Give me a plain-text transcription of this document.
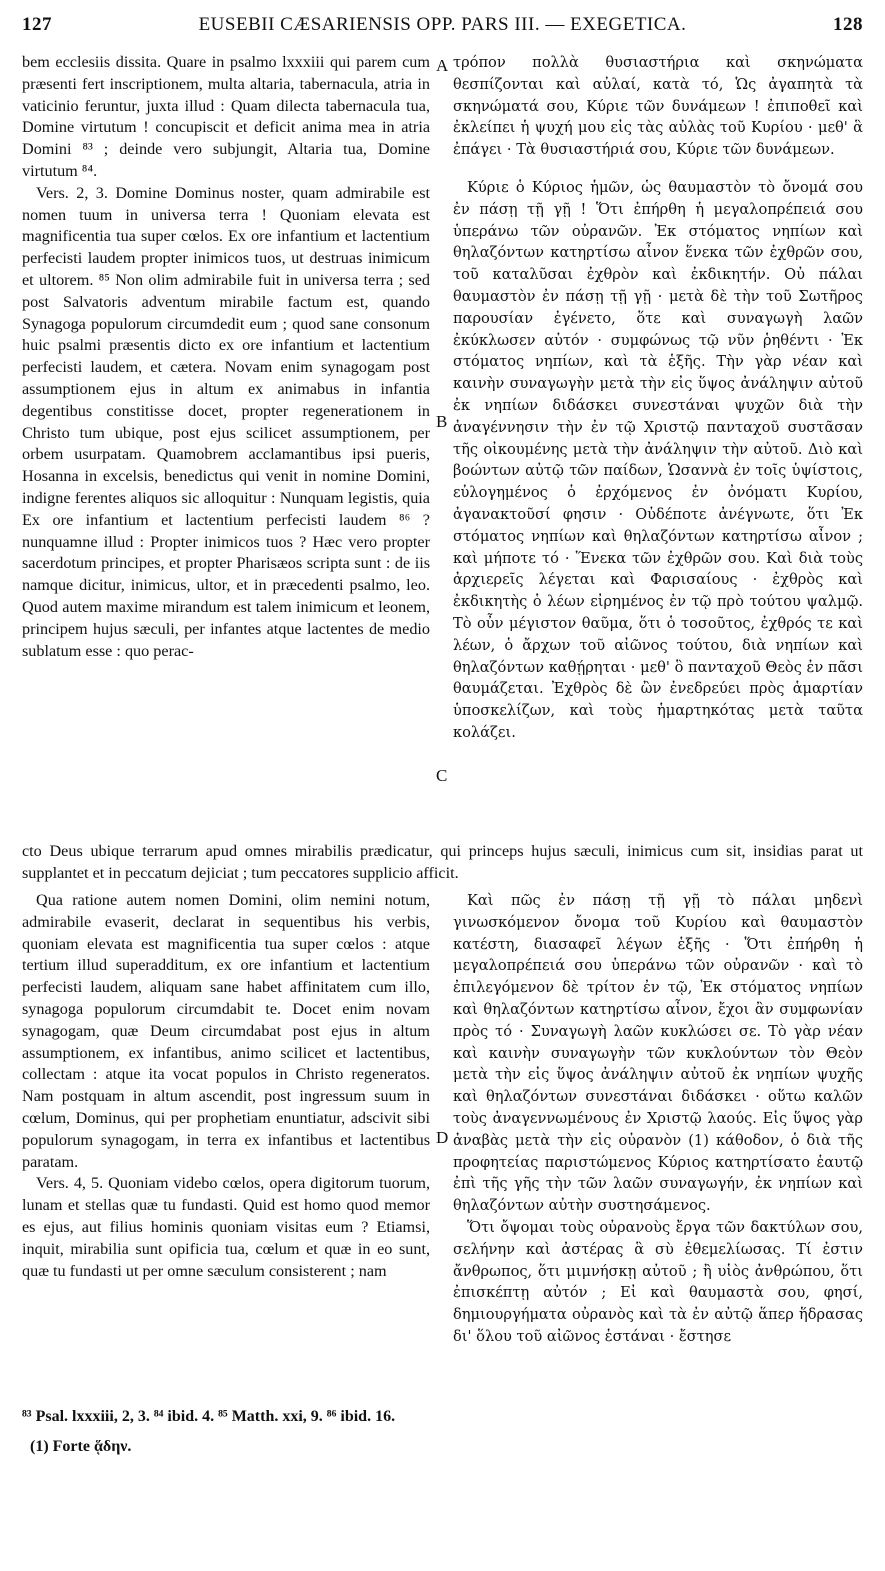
127	EUSEBII CÆSARIENSIS OPP. PARS III. — EXEGETICA.	128

bem ecclesiis dissita. Quare in psalmo lxxxiii qui parem cum præsenti fert inscriptionem, multa altaria, tabernacula, atria in vaticinio feruntur, juxta illud : Quam dilecta tabernacula tua, Domine virtutum ! concupiscit et deficit anima mea in atria Domini ⁸³ ; deinde vero subjungit, Altaria tua, Domine virtutum ⁸⁴.

Vers. 2, 3. Domine Dominus noster, quam admirabile est nomen tuum in universa terra ! Quoniam elevata est magnificentia tua super cœlos. Ex ore infantium et lactentium perfecisti laudem propter inimicos tuos, ut destruas inimicum et ultorem. ⁸⁵ Non olim admirabile fuit in universa terra ; sed post Salvatoris adventum mirabile factum est, quando Synagoga populorum circumdedit eum ; quod sane consonum huic psalmi præsentis dicto ex ore infantium et lactentium perfecisti laudem, et cætera. Novam enim synagogam post assumptionem ejus in altum ex animabus in infantia degentibus constitisse docet, propter regenerationem in Christo tum ubique, post ejus scilicet assumptionem, per orbem usurpatam. Quamobrem acclamantibus ipsi pueris, Hosanna in excelsis, benedictus qui venit in nomine Domini, indigne ferentes aliquos sic alloquitur : Nunquam legistis, quia Ex ore infantium et lactentium perfecisti laudem ⁸⁶ ? nunquamne illud : Propter inimicos tuos ? Hæc vero propter sacerdotum principes, et propter Pharisæos scripta sunt : de iis namque dicitur, inimicus, ultor, et in præcedenti psalmo, leo. Quod autem maxime mirandum est talem inimicum et leonem, principem hujus sæculi, per infantes atque lactentes de medio sublatum esse : quo perac-

cto Deus ubique terrarum apud omnes mirabilis prædicatur, qui princeps hujus sæculi, inimicus cum sit, insidias parat ut supplantet et in peccatum dejiciat ; tum peccatores supplicio afficit.

Qua ratione autem nomen Domini, olim nemini notum, admirabile evaserit, declarat in sequentibus his verbis, quoniam elevata est magnificentia tua super cœlos : atque tertium illud superadditum, ex ore infantium et lactentium perfecisti laudem, aliquam sane habet affinitatem cum illo, synagoga populorum circumdabit te. Docet enim novam synagogam, quæ Deum circumdabat post ejus in altum assumptionem, ex infantibus, animo scilicet et lactentibus, collectam : atque ita vocat populos in Christo regeneratos. Nam postquam in altum ascendit, post ingressum suum in cœlum, Dominus, qui per prophetiam enuntiatur, adscivit sibi populorum synagogam, in terra ex infantibus et lactentibus paratam.

Vers. 4, 5. Quoniam videbo cœlos, opera digitorum tuorum, lunam et stellas quæ tu fundasti. Quid est homo quod memor es ejus, aut filius hominis quoniam visitas eum ? Etiamsi, inquit, mirabilia sunt opificia tua, cœlum et quæ in eo sunt, quæ tu fundasti ut per omne sæculum consisterent ; nam

τρόπον πολλὰ θυσιαστήρια καὶ σκηνώματα θεσπίζονται καὶ αὐλαί, κατὰ τό, Ὡς ἀγαπητὰ τὰ σκηνώματά σου, Κύριε τῶν δυνάμεων ! ἐπιποθεῖ καὶ ἐκλείπει ἡ ψυχή μου εἰς τὰς αὐλὰς τοῦ Κυρίου · μεθ' ἃ ἐπάγει · Τὰ θυσιαστήριά σου, Κύριε τῶν δυνάμεων.

Κύριε ὁ Κύριος ἡμῶν, ὡς θαυμαστὸν τὸ ὄνομά σου ἐν πάσῃ τῇ γῇ ! Ὅτι ἐπήρθη ἡ μεγαλοπρέπειά σου ὑπεράνω τῶν οὐρανῶν. Ἐκ στόματος νηπίων καὶ θηλαζόντων κατηρτίσω αἶνον ἕνεκα τῶν ἐχθρῶν σου, τοῦ καταλῦσαι ἐχθρὸν καὶ ἐκδικητήν. Οὐ πάλαι θαυμαστὸν ἐν πάσῃ τῇ γῇ · μετὰ δὲ τὴν τοῦ Σωτῆρος παρουσίαν ἐγένετο, ὅτε καὶ συναγωγὴ λαῶν ἐκύκλωσεν αὐτόν · συμφώνως τῷ νῦν ῥηθέντι · Ἐκ στόματος νηπίων, καὶ τὰ ἑξῆς. Τὴν γὰρ νέαν καὶ καινὴν συναγωγὴν μετὰ τὴν εἰς ὕψος ἀνάληψιν αὐτοῦ ἐκ νηπίων διδάσκει συνεστάναι ψυχῶν διὰ τὴν ἀναγέννησιν τὴν ἐν τῷ Χριστῷ πανταχοῦ συστᾶσαν τῆς οἰκουμένης μετὰ τὴν ἀνάληψιν τὴν αὐτοῦ. Διὸ καὶ βοώντων αὐτῷ τῶν παίδων, Ὡσαννὰ ἐν τοῖς ὑψίστοις, εὐλογημένος ὁ ἐρχόμενος ἐν ὀνόματι Κυρίου, ἀγανακτοῦσί φησιν · Οὐδέποτε ἀνέγνωτε, ὅτι Ἐκ στόματος νηπίων καὶ θηλαζόντων κατηρτίσω αἶνον ; καὶ μήποτε τό · Ἕνεκα τῶν ἐχθρῶν σου. Καὶ διὰ τοὺς ἀρχιερεῖς λέγεται καὶ Φαρισαίους · ἐχθρὸς καὶ ἐκδικητὴς ὁ λέων εἰρημένος ἐν τῷ πρὸ τούτου ψαλμῷ. Τὸ οὖν μέγιστον θαῦμα, ὅτι ὁ τοσοῦτος, ἐχθρός τε καὶ λέων, ὁ ἄρχων τοῦ αἰῶνος τούτου, διὰ νηπίων καὶ θηλαζόντων καθῄρηται · μεθ' ὃ πανταχοῦ Θεὸς ἐν πᾶσι θαυμάζεται. Ἐχθρὸς δὲ ὢν ἐνεδρεύει πρὸς ἁμαρτίαν ὑποσκελίζων, καὶ τοὺς ἡμαρτηκότας μετὰ ταῦτα κολάζει.

Καὶ πῶς ἐν πάσῃ τῇ γῇ τὸ πάλαι μηδενὶ γινωσκόμενον ὄνομα τοῦ Κυρίου καὶ θαυμαστὸν κατέστη, διασαφεῖ λέγων ἑξῆς · Ὅτι ἐπήρθη ἡ μεγαλοπρέπειά σου ὑπεράνω τῶν οὐρανῶν · καὶ τὸ ἐπιλεγόμενον δὲ τρίτον ἐν τῷ, Ἐκ στόματος νηπίων καὶ θηλαζόντων κατηρτίσω αἶνον, ἔχοι ἂν συμφωνίαν πρὸς τό · Συναγωγὴ λαῶν κυκλώσει σε. Τὸ γὰρ νέαν καὶ καινὴν συναγωγὴν τῶν κυκλούντων τὸν Θεὸν μετὰ τὴν εἰς ὕψος ἀνάληψιν αὐτοῦ ἐκ νηπίων ψυχῆς καὶ θηλαζόντων συνεστάναι διδάσκει · οὕτω καλῶν τοὺς ἀναγεννωμένους ἐν Χριστῷ λαούς. Εἰς ὕψος γὰρ ἀναβὰς μετὰ τὴν εἰς οὐρανὸν (1) κάθοδον, ὁ διὰ τῆς προφητείας παριστώμενος Κύριος κατηρτίσατο ἑαυτῷ ἐπὶ τῆς γῆς τὴν τῶν λαῶν συναγωγήν, ἐκ νηπίων καὶ θηλαζόντων αὐτὴν συστησάμενος.

Ὅτι ὄψομαι τοὺς οὐρανοὺς ἔργα τῶν δακτύλων σου, σελήνην καὶ ἀστέρας ἃ σὺ ἐθεμελίωσας. Τί ἐστιν ἄνθρωπος, ὅτι μιμνήσκῃ αὐτοῦ ; ἢ υἱὸς ἀνθρώπου, ὅτι ἐπισκέπτῃ αὐτόν ; Εἰ καὶ θαυμαστὰ σου, φησί, δημιουργήματα οὐρανὸς καὶ τὰ ἐν αὐτῷ ἅπερ ἥδρασας δι' ὅλου τοῦ αἰῶνος ἑστάναι · ἔστησε

A
B
C
D
⁸³ Psal. lxxxiii, 2, 3. ⁸⁴ ibid. 4. ⁸⁵ Matth. xxi, 9. ⁸⁶ ibid. 16.
(1) Forte ᾅδην.
